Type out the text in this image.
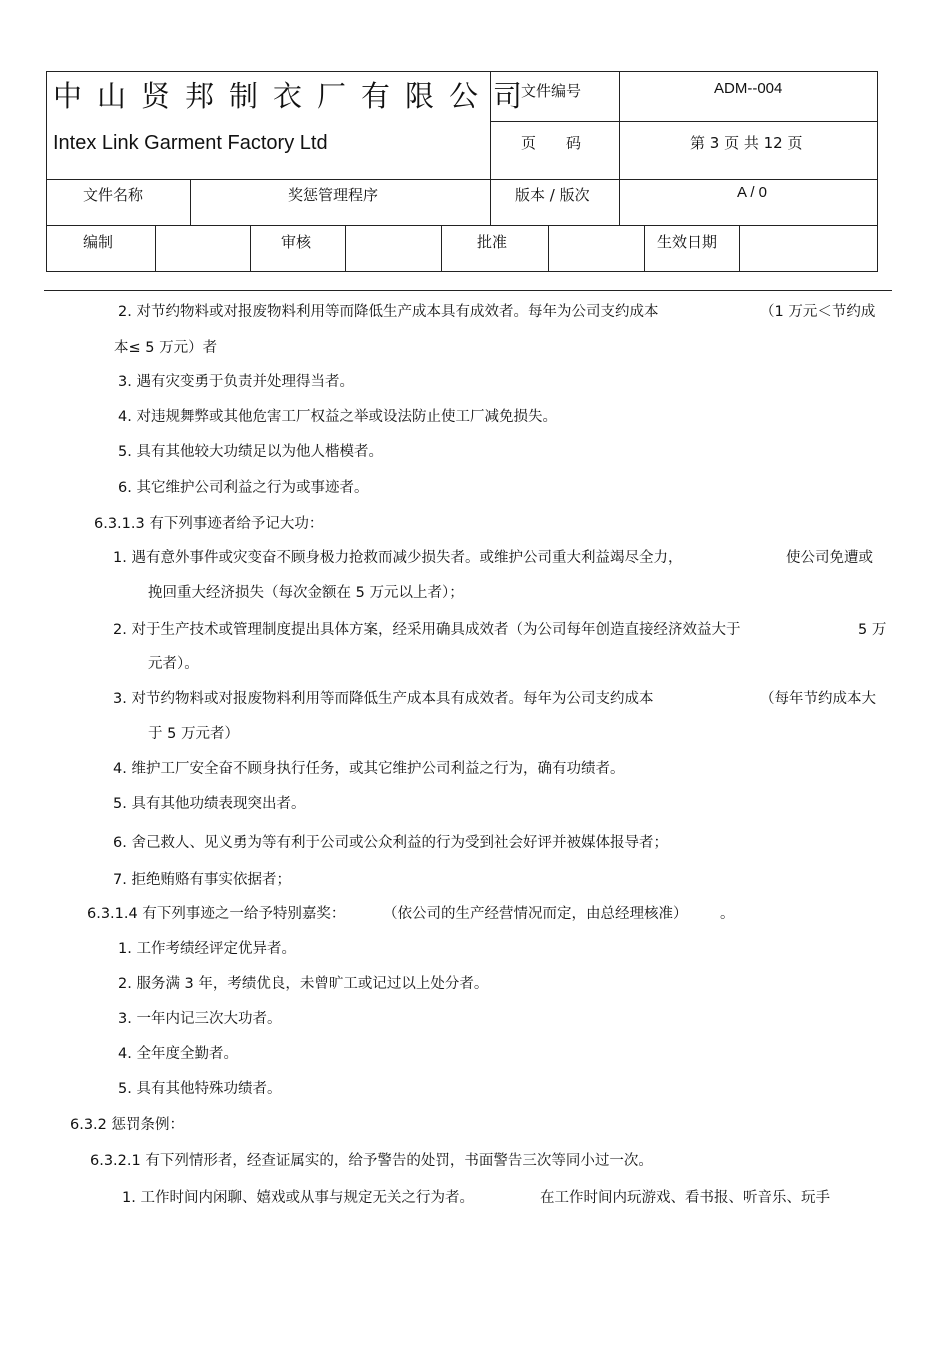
中山贤邦制衣厂有限公司
Intex Link Garment Factory Ltd
文件编号	ADM--004
页　　码	第 3 页 共 12 页
文件名称	奖惩管理程序	版本 / 版次	A / 0
编制	审核	批准	生效日期
2. 对节约物料或对报废物料利用等而降低生产成本具有成效者。每年为公司支约成本	（1 万元＜节约成
本≤ 5 万元）者
3. 遇有灾变勇于负责并处理得当者。
4. 对违规舞弊或其他危害工厂权益之举或设法防止使工厂减免损失。
5. 具有其他较大功绩足以为他人楷模者。
6. 其它维护公司利益之行为或事迹者。
6.3.1.3 有下列事迹者给予记大功：
1. 遇有意外事件或灾变奋不顾身极力抢救而减少损失者。或维护公司重大利益竭尽全力，	使公司免遭或
挽回重大经济损失（每次金额在 5 万元以上者）；
2. 对于生产技术或管理制度提出具体方案，经采用确具成效者（为公司每年创造直接经济效益大于	5 万
元者）。
3. 对节约物料或对报废物料利用等而降低生产成本具有成效者。每年为公司支约成本	（每年节约成本大
于 5 万元者）
4. 维护工厂安全奋不顾身执行任务，或其它维护公司利益之行为，确有功绩者。
5. 具有其他功绩表现突出者。
6. 舍己救人、见义勇为等有利于公司或公众利益的行为受到社会好评并被媒体报导者；
7. 拒绝贿赂有事实依据者；
6.3.1.4 有下列事迹之一给予特别嘉奖：	（依公司的生产经营情况而定，由总经理核准） 。
1. 工作考绩经评定优异者。
2. 服务满 3 年，考绩优良，未曾旷工或记过以上处分者。
3. 一年内记三次大功者。
4. 全年度全勤者。
5. 具有其他特殊功绩者。
6.3.2 惩罚条例：
6.3.2.1 有下列情形者，经查证属实的，给予警告的处罚，书面警告三次等同小过一次。
1. 工作时间内闲聊、嬉戏或从事与规定无关之行为者。	在工作时间内玩游戏、看书报、听音乐、玩手
